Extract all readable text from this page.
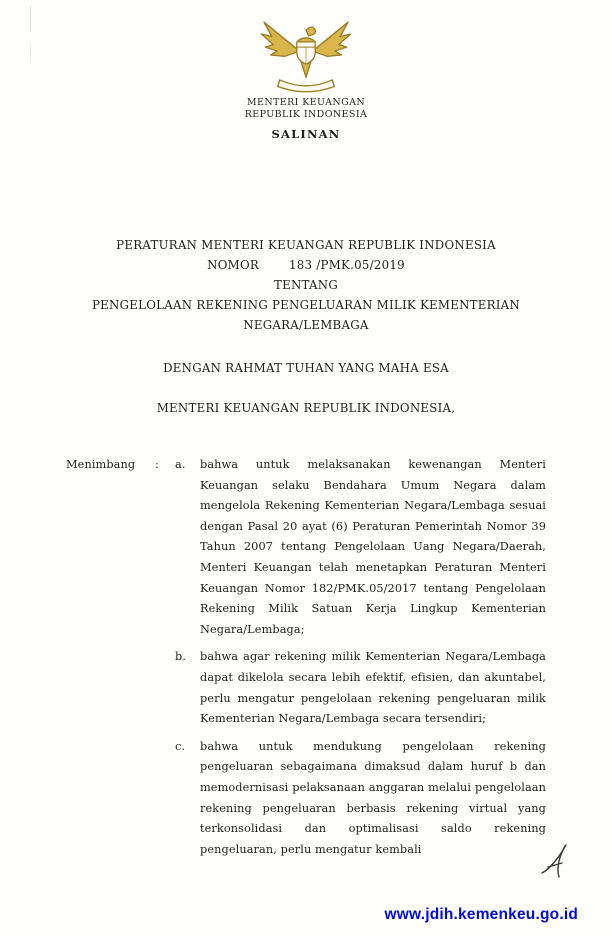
MENTERI KEUANGAN
REPUBLIK INDONESIA
SALINAN
PERATURAN MENTERI KEUANGAN REPUBLIK INDONESIA
NOMOR	183 /PMK.05/2019
TENTANG
PENGELOLAAN REKENING PENGELUARAN MILIK KEMENTERIAN
NEGARA/LEMBAGA
DENGAN RAHMAT TUHAN YANG MAHA ESA
MENTERI KEUANGAN REPUBLIK INDONESIA,
Menimbang	:	a.	bahwa untuk melaksanakan kewenangan Menteri Keuangan selaku Bendahara Umum Negara dalam mengelola Rekening Kementerian Negara/Lembaga sesuai dengan Pasal 20 ayat (6) Peraturan Pemerintah Nomor 39 Tahun 2007 tentang Pengelolaan Uang Negara/Daerah, Menteri Keuangan telah menetapkan Peraturan Menteri Keuangan Nomor 182/PMK.05/2017 tentang Pengelolaan Rekening Milik Satuan Kerja Lingkup Kementerian Negara/Lembaga;
b.	bahwa agar rekening milik Kementerian Negara/Lembaga dapat dikelola secara lebih efektif, efisien, dan akuntabel, perlu mengatur pengelolaan rekening pengeluaran milik Kementerian Negara/Lembaga secara tersendiri;
c.	bahwa untuk mendukung pengelolaan rekening pengeluaran sebagaimana dimaksud dalam huruf b dan memodernisasi pelaksanaan anggaran melalui pengelolaan rekening pengeluaran berbasis rekening virtual yang terkonsolidasi dan optimalisasi saldo rekening pengeluaran, perlu mengatur kembali
www.jdih.kemenkeu.go.id
